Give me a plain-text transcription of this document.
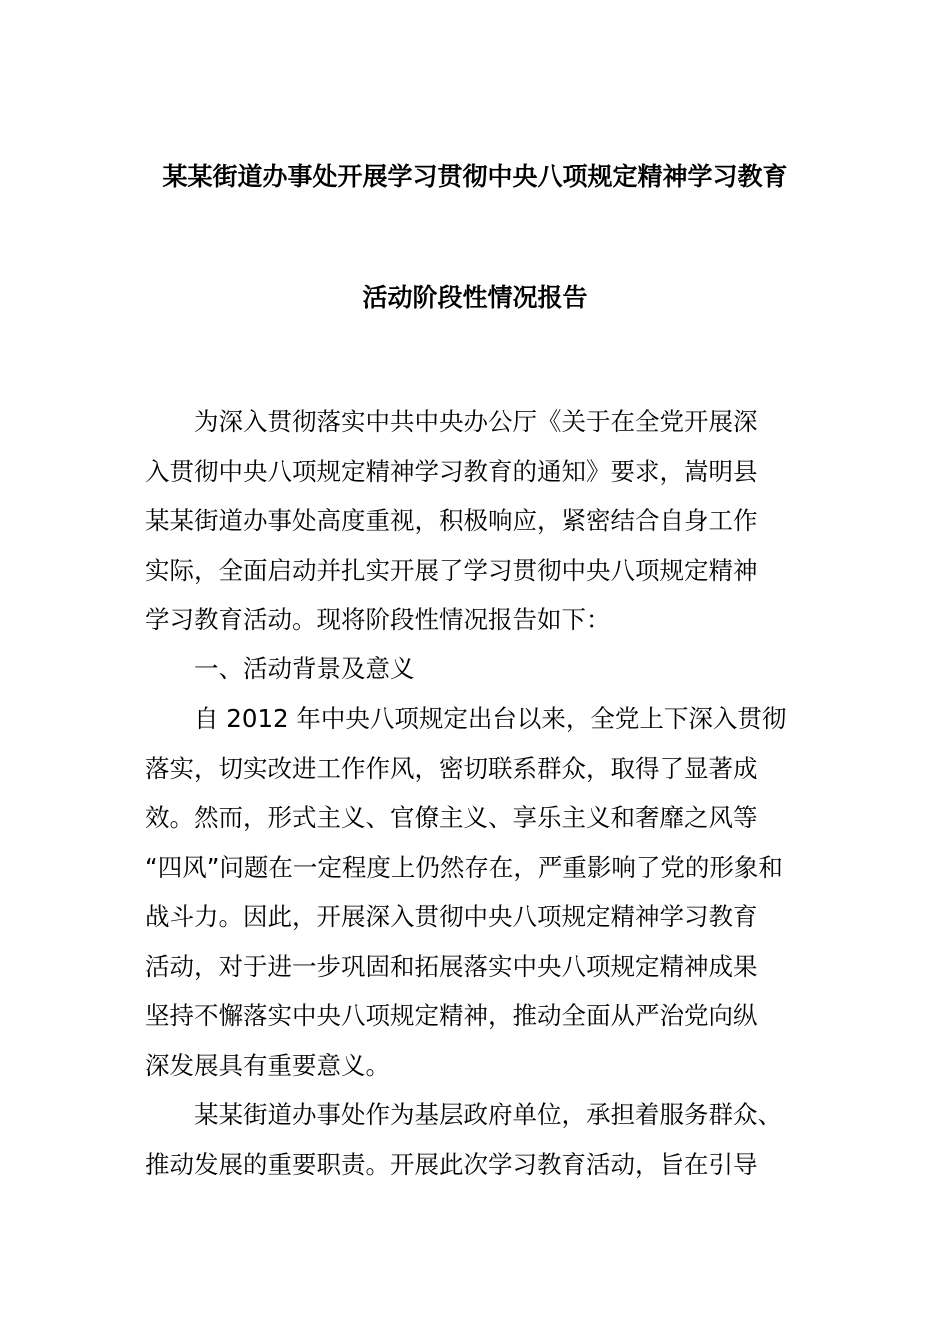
某某街道办事处开展学习贯彻中央八项规定精神学习教育
活动阶段性情况报告

为深入贯彻落实中共中央办公厅《关于在全党开展深

入贯彻中央八项规定精神学习教育的通知》要求，嵩明县

某某街道办事处高度重视，积极响应，紧密结合自身工作

实际，全面启动并扎实开展了学习贯彻中央八项规定精神

学习教育活动。现将阶段性情况报告如下：

一、活动背景及意义

自 2012 年中央八项规定出台以来，全党上下深入贯彻

落实，切实改进工作作风，密切联系群众，取得了显著成

效。然而，形式主义、官僚主义、享乐主义和奢靡之风等

“四风”问题在一定程度上仍然存在，严重影响了党的形象和

战斗力。因此，开展深入贯彻中央八项规定精神学习教育

活动，对于进一步巩固和拓展落实中央八项规定精神成果

坚持不懈落实中央八项规定精神，推动全面从严治党向纵

深发展具有重要意义。

某某街道办事处作为基层政府单位，承担着服务群众、

推动发展的重要职责。开展此次学习教育活动，旨在引导
